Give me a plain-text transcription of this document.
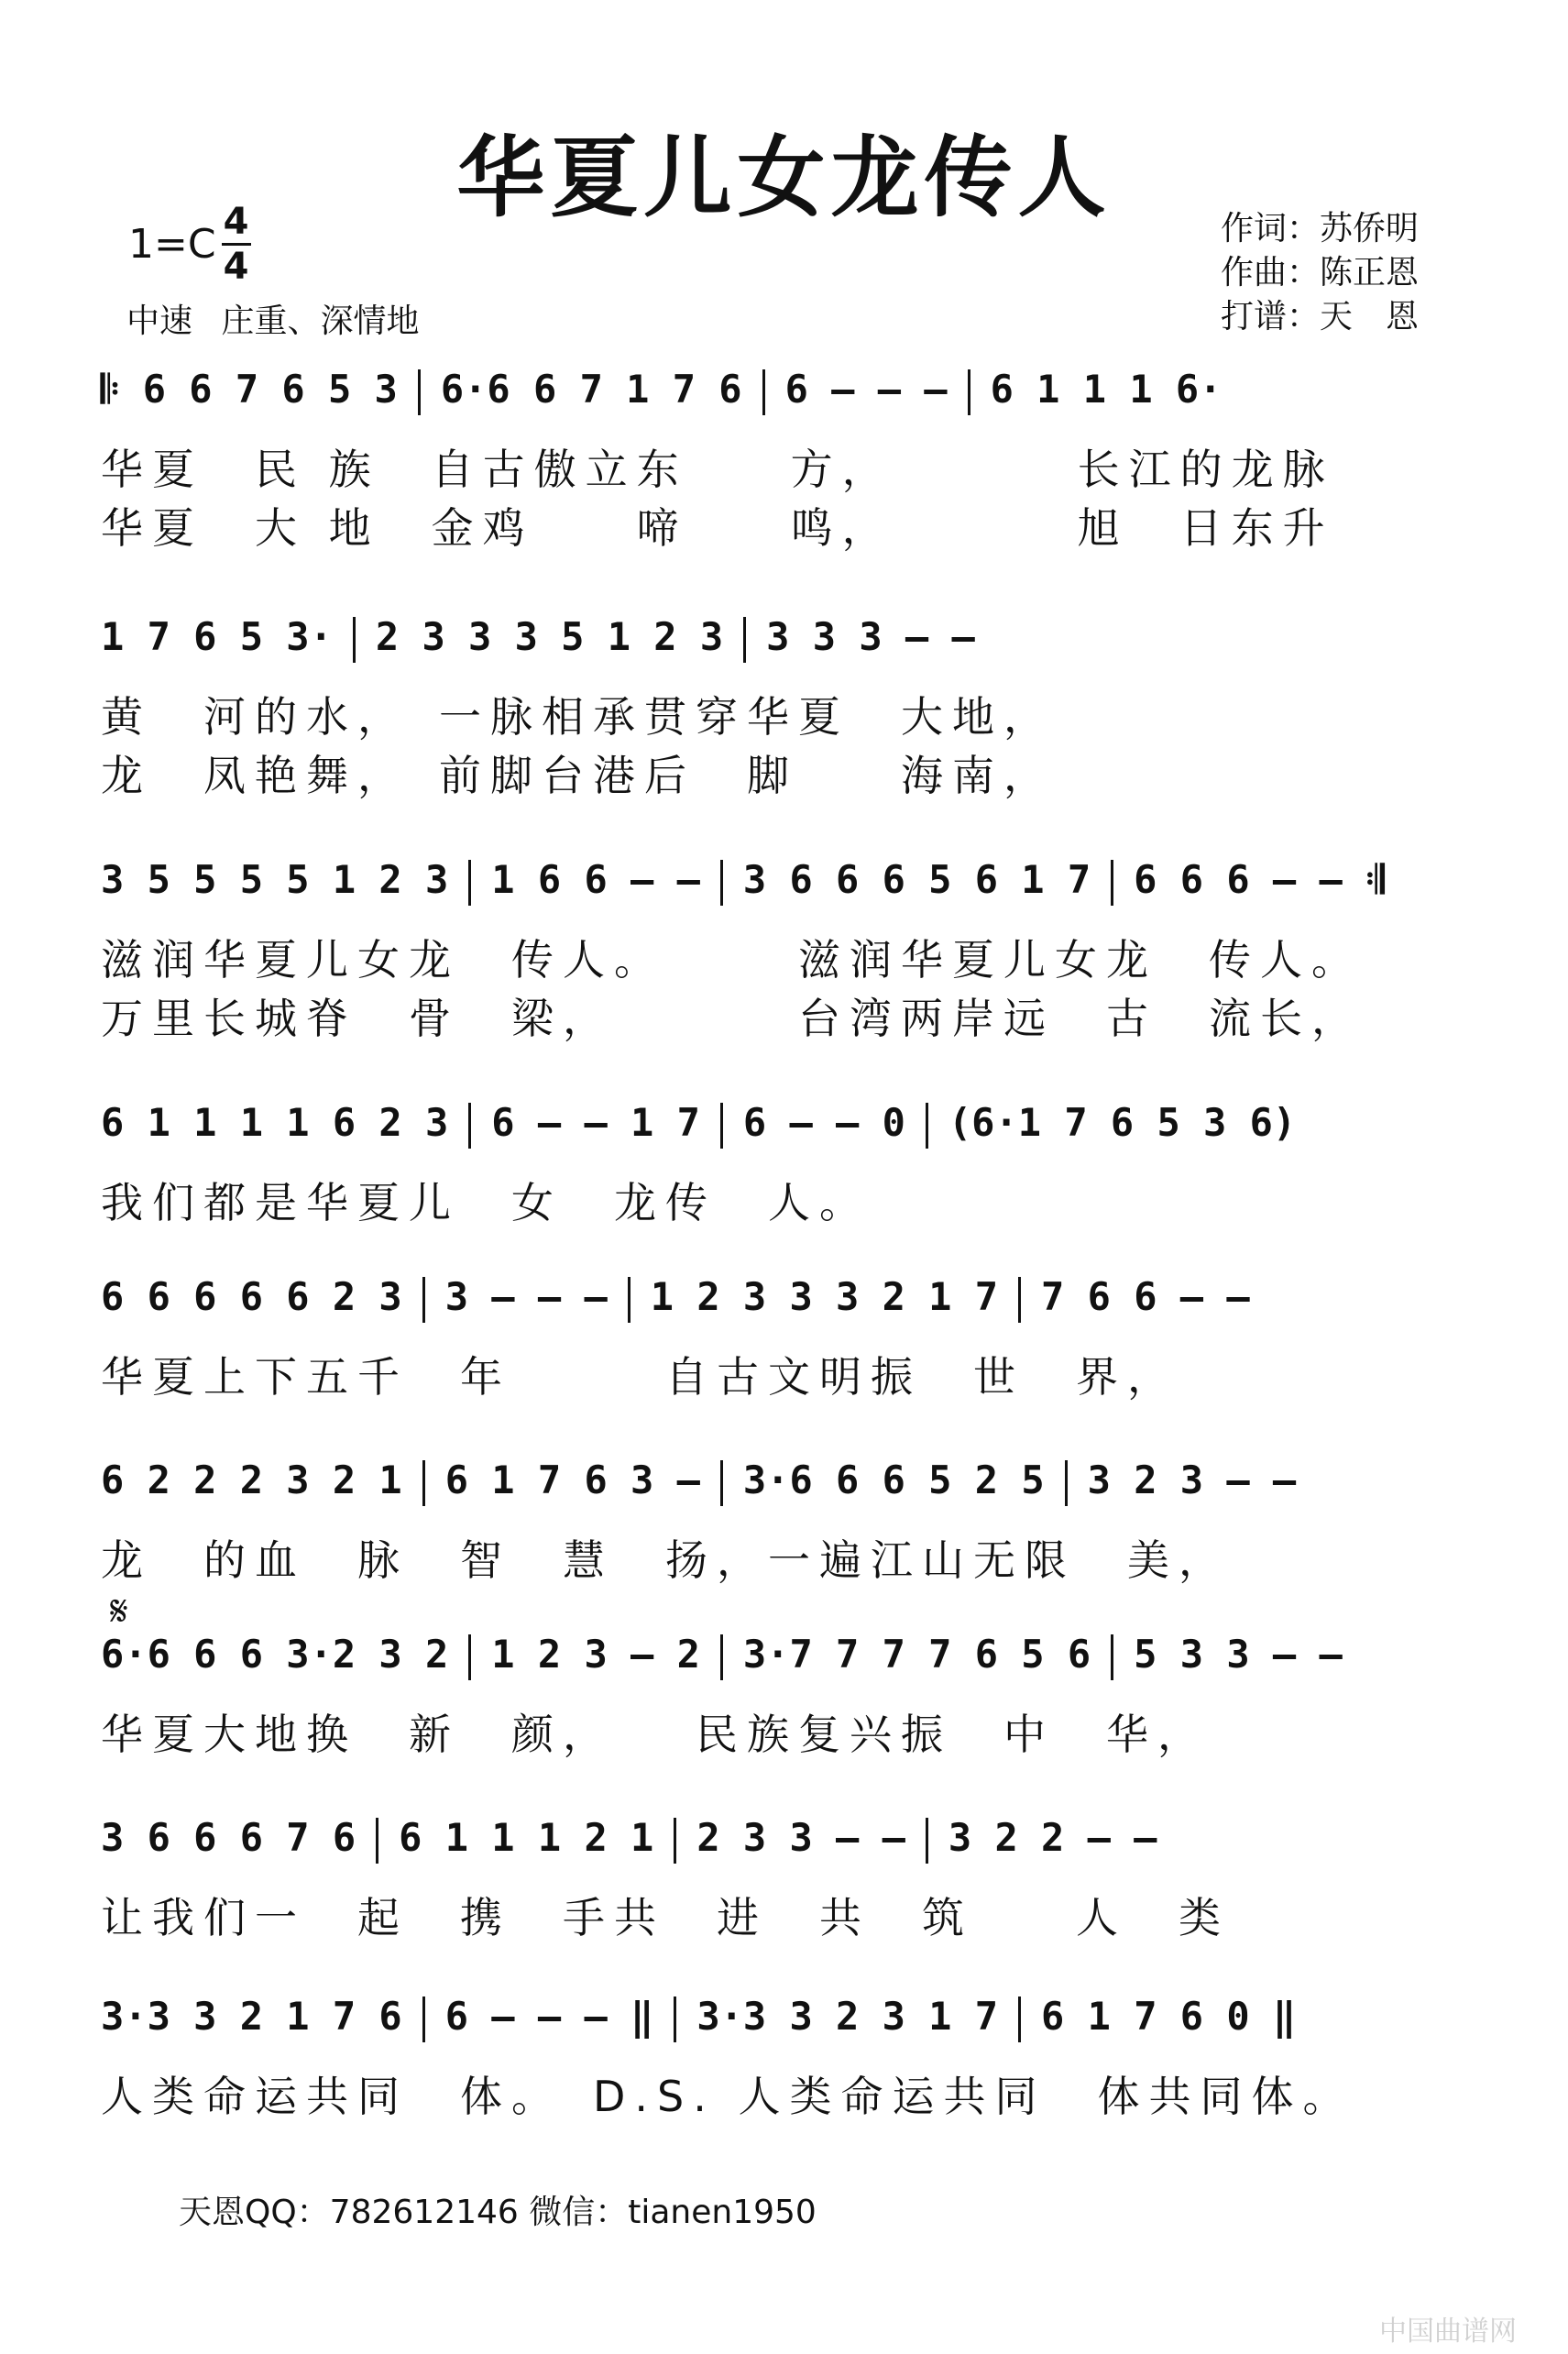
华夏儿女龙传人
1=C 4
4
中速 庄重、深情地
作词：苏侨明
作曲：陈正恩
打谱：天　恩
𝄋
𝄆 6 6 7 6 5 3 6·6 6 7 1 7 6 6 – – – 6 1 1 1 6·
华夏　民 族　自古傲立东　　方，　　　　长江的龙脉
华夏　大 地　金鸡　　啼　　鸣，　　　　旭　日东升
1 7 6 5 3· 2 3 3 3 5 1 2 3 3 3 3 – –
黄　河的水，　一脉相承贯穿华夏　大地，
龙　凤艳舞，　前脚台港后　脚　　海南，
3 5 5 5 5 1 2 3 1 6 6 – – 3 6 6 6 5 6 1 7 6 6 6 – – 𝄇
滋润华夏儿女龙　传人。　　　滋润华夏儿女龙　传人。
万里长城脊　骨　梁，　　　　台湾两岸远　古　流长，
6 1 1 1 1 6 2 3 6 – – 1 7 6 – – 0 (6·1 7 6 5 3 6)
我们都是华夏儿　女　龙传　人。
6 6 6 6 6 2 3 3 – – – 1 2 3 3 3 2 1 7 7 6 6 – –
华夏上下五千　年　　　自古文明振　世　界，
6 2 2 2 3 2 1 6 1 7 6 3 – 3·6 6 6 5 2 5 3 2 3 – –
龙　的血　脉　智　慧　扬，一遍江山无限　美，
6·6 6 6 3·2 3 2 1 2 3 – 2 3·7 7 7 7 6 5 6 5 3 3 – –
华夏大地换　新　颜，　　民族复兴振　中　华，
3 6 6 6 7 6 6 1 1 1 2 1 2 3 3 – – 3 2 2 – –
让我们一　起　携　手共　进　共　筑　　人　类
3·3 3 2 1 7 6 6 – – – ‖ 3·3 3 2 3 1 7 6 1 7 6 0 ‖
人类命运共同　体。　D.S. 人类命运共同　体共同体。
天恩QQ：782612146 微信：tianen1950
中国曲谱网
